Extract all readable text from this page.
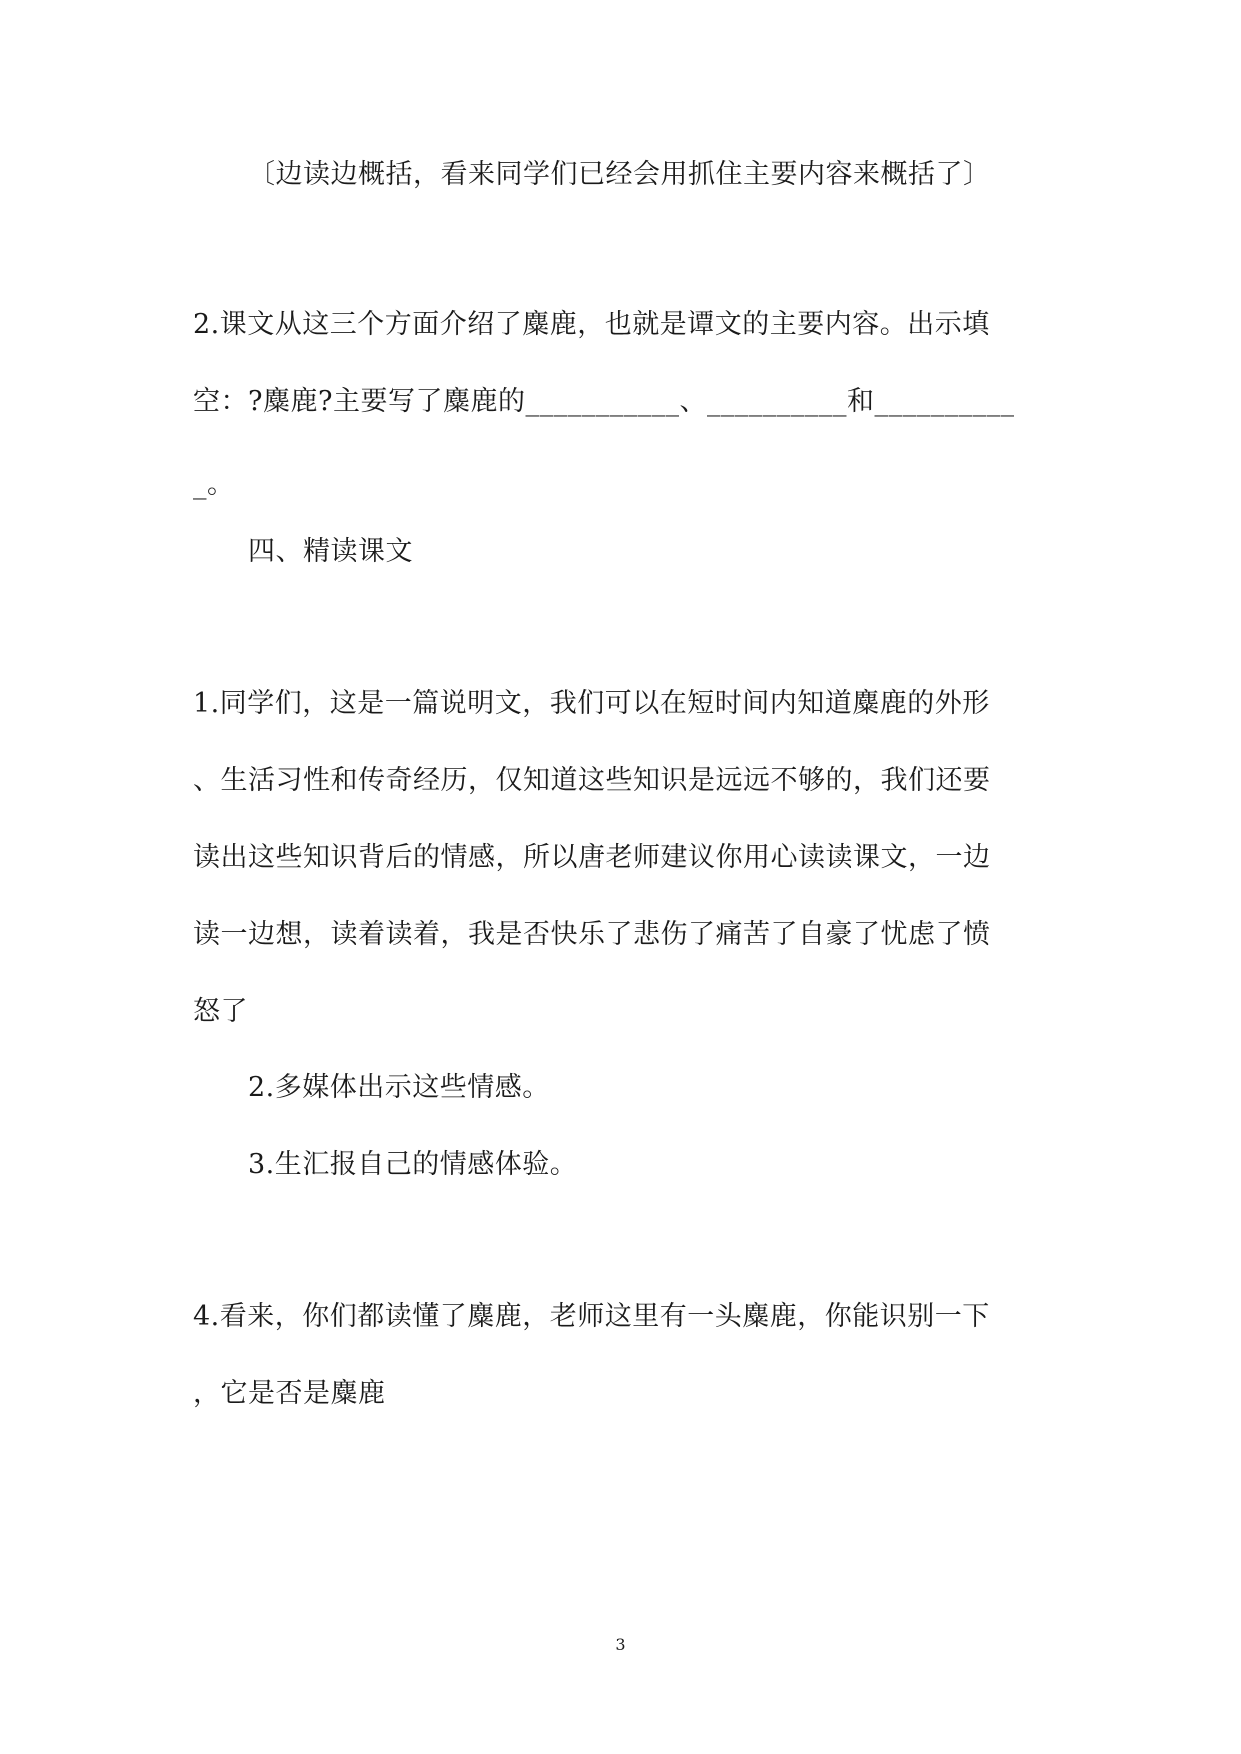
〔边读边概括，看来同学们已经会用抓住主要内容来概括了〕
2.课文从这三个方面介绍了麋鹿，也就是谭文的主要内容。出示填
空：?麋鹿?主要写了麋鹿的___________、__________和__________
_。
四、精读课文
1.同学们，这是一篇说明文，我们可以在短时间内知道麋鹿的外形
、生活习性和传奇经历，仅知道这些知识是远远不够的，我们还要
读出这些知识背后的情感，所以唐老师建议你用心读读课文，一边
读一边想，读着读着，我是否快乐了悲伤了痛苦了自豪了忧虑了愤
怒了
2.多媒体出示这些情感。
3.生汇报自己的情感体验。
4.看来，你们都读懂了麋鹿，老师这里有一头麋鹿，你能识别一下
，它是否是麋鹿
3
